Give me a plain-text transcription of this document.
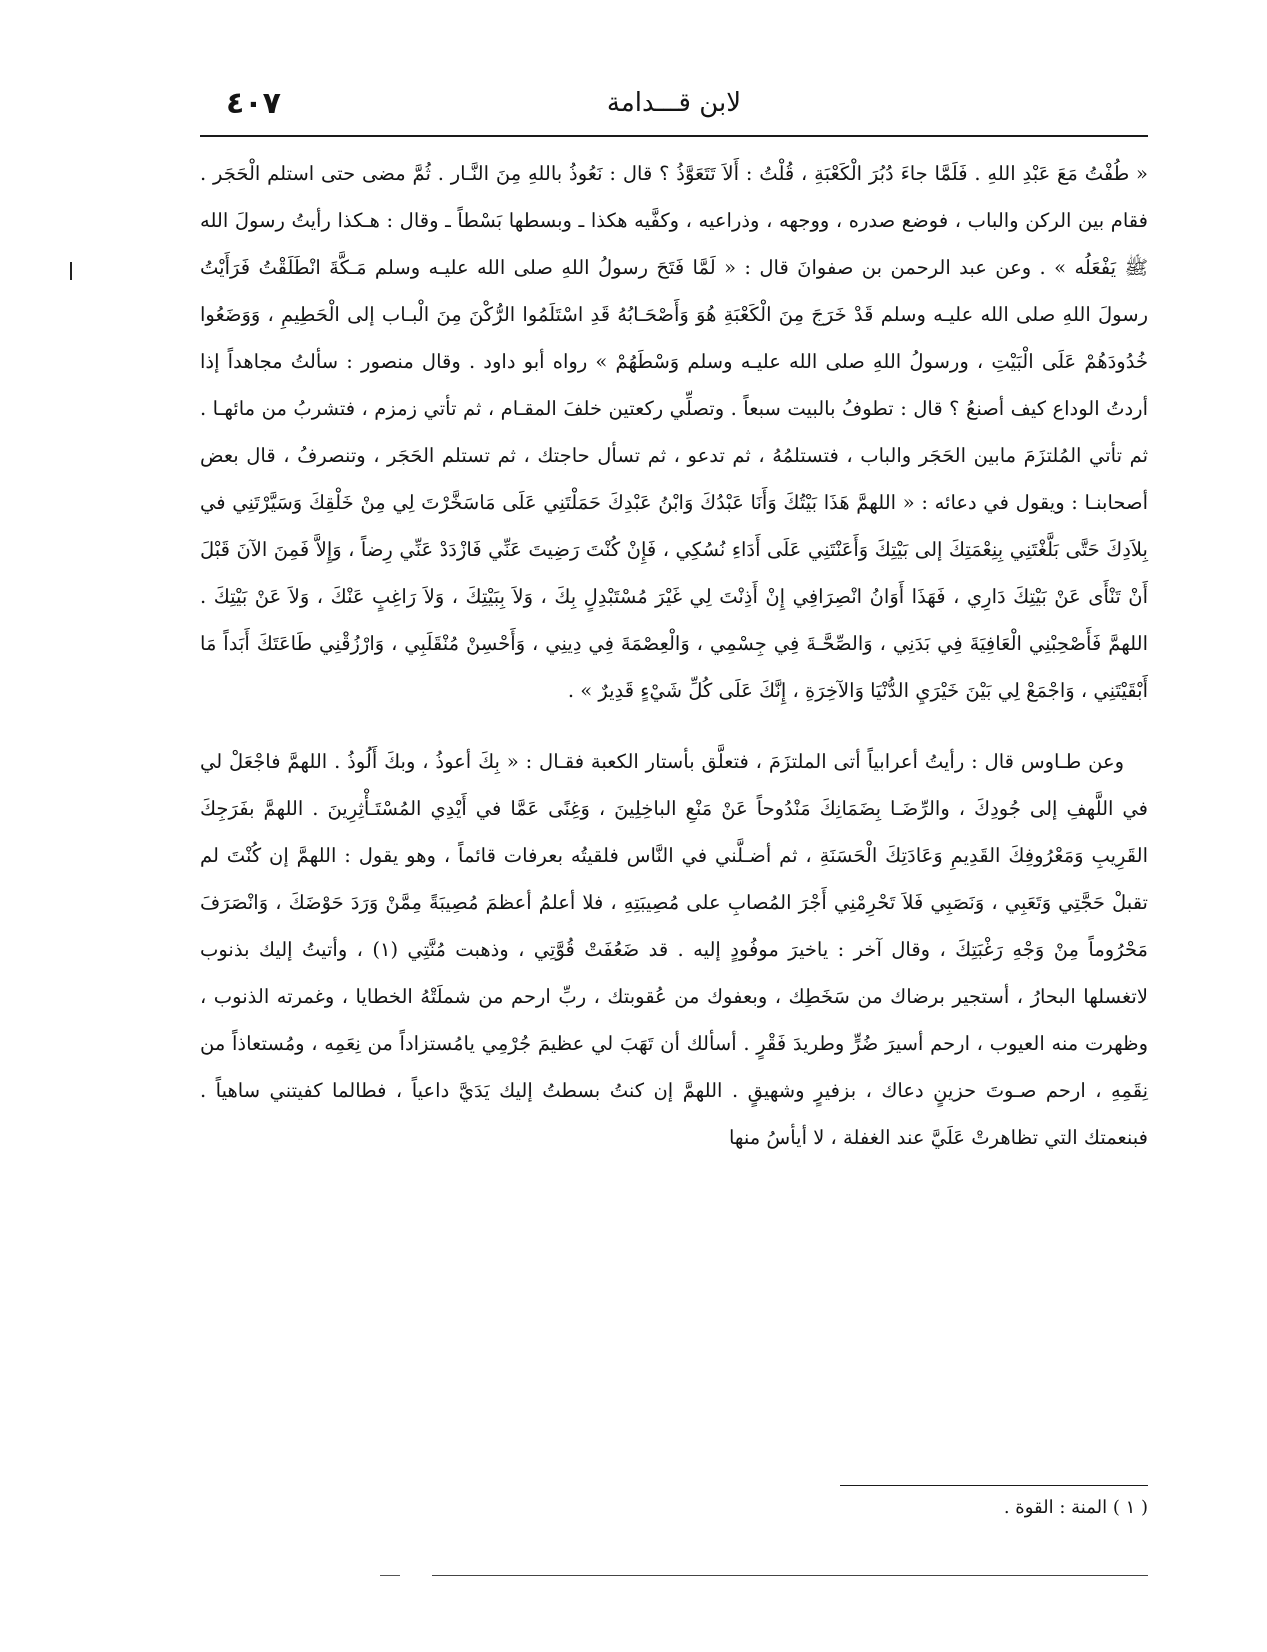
٤٠٧	لابن قـــدامة

« طُفْتُ مَعَ عَبْدِ اللهِ . فَلَمَّا جاءَ دُبُرَ الْكَعْبَةِ ، قُلْتُ : أَلاَ تَتَعَوَّذُ ؟ قال : نَعُوذُ باللهِ مِنَ النَّـار . ثُمَّ مضى حتى استلم الْحَجَر . فقام بين الركن والباب ، فوضع صدره ، ووجهه ، وذراعيه ، وكفَّيه هكذا ـ وبسطها بَسْطاً ـ وقال : هـكذا رأيتُ رسولَ الله ﷺ يَفْعَلُه » . وعن عبد الرحمن بن صفوانَ قال : « لَمَّا فَتَحَ رسولُ اللهِ صلى الله عليـه وسلم مَـكَّةَ انْطَلَقْتُ فَرَأَيْتُ رسولَ اللهِ صلى الله عليـه وسلم قَدْ خَرَجَ مِنَ الْكَعْبَةِ هُوَ وَأَصْحَـابُهُ قَدِ اسْتَلَمُوا الرُّكْنَ مِنَ الْبـاب إلى الْحَطِيمِ ، وَوَضَعُوا خُدُودَهُمْ عَلَى الْبَيْتِ ، ورسولُ اللهِ صلى الله عليـه وسلم وَسْطَهُمْ » رواه أبو داود . وقال منصور : سألتُ مجاهداً إذا أردتُ الوداع كيف أصنعُ ؟ قال : تطوفُ بالبيت سبعاً . وتصلِّي ركعتين خلفَ المقـام ، ثم تأتي زمزم ، فتشربُ من مائهـا . ثم تأتي المُلتزَمَ مابين الحَجَر والباب ، فتستلمُهُ ، ثم تدعو ، ثم تسأل حاجتك ، ثم تستلم الحَجَر ، وتنصرفُ ، قال بعض أصحابنـا : ويقول في دعائه : « اللهمَّ هَذَا بَيْتُكَ وَأَنَا عَبْدُكَ وَابْنُ عَبْدِكَ حَمَلْتَنِي عَلَى مَاسَخَّرْتَ لِي مِنْ خَلْقِكَ وَسَيَّرْتَنِي في بِلاَدِكَ حَتَّى بَلَّغْتَنِي بِنِعْمَتِكَ إلى بَيْتِكَ وَأَعَنْتَنِي عَلَى أَدَاءِ نُسُكِي ، فَإِنْ كُنْتَ رَضِيتَ عَنِّي فَازْدَدْ عَنِّي رِضاً ، وَإِلاَّ فَمِنَ الآنَ قَبْلَ أَنْ تَنْأَى عَنْ بَيْتِكَ دَارِي ، فَهَذَا أَوَانُ انْصِرَافِي إِنْ أَذِنْتَ لِي غَيْرَ مُسْتَبْدِلٍ بِكَ ، وَلاَ بِبَيْتِكَ ، وَلاَ رَاغِبٍ عَنْكَ ، وَلاَ عَنْ بَيْتِكَ . اللهمَّ فَأَصْحِبْنِي الْعَافِيَةَ فِي بَدَنِي ، وَالصِّحَّـةَ فِي جِسْمِي ، وَالْعِصْمَةَ فِي دِينِي ، وَأَحْسِنْ مُنْقَلَبِي ، وَارْزُقْنِي طَاعَتَكَ أَبَداً مَا أَبْقَيْتَنِي ، وَاجْمَعْ لِي بَيْنَ خَيْرَيِ الدُّنْيَا وَالآخِرَةِ ، إِنَّكَ عَلَى كُلِّ شَيْءٍ قَدِيرٌ » .

وعن طـاوس قال : رأيتُ أعرابياً أتى الملتزَمَ ، فتعلَّق بأستار الكعبة فقـال : « بِكَ أعوذُ ، وبكَ أَلُوذُ . اللهمَّ فاجْعَلْ لي في اللَّهفِ إلى جُودِكَ ، والرِّضَـا بِضَمَانِكَ مَنْدُوحاً عَنْ مَنْعِ الباخِلِينَ ، وَغِنًى عَمَّا في أَيْدِي المُسْتَـأْثِرِينَ . اللهمَّ بفَرَجِكَ القَرِيبِ وَمَعْرُوفِكَ القَدِيمِ وَعَادَتِكَ الْحَسَنَةِ ، ثم أضـلَّني في النَّاس فلقيتُه بعرفات قائماً ، وهو يقول : اللهمَّ إن كُنْتَ لم تقبلْ حَجَّتِي وَتَعَبِي ، وَنَصَبِي فَلاَ تَحْرِمْنِي أَجْرَ المُصابِ على مُصِيبَتِهِ ، فلا أعلمُ أعظمَ مُصِيبَةً مِمَّنْ وَرَدَ حَوْضَكَ ، وَانْصَرَفَ مَحْرُوماً مِنْ وَجْهِ رَغْبَتِكَ ، وقال آخر : ياخيرَ موفُودٍ إليه . قد ضَعُفَتْ قُوَّتِي ، وذهبت مُنَّتِي (١) ، وأتيتُ إليك بذنوب لاتغسلها البحارُ ، أستجير برضاك من سَخَطِك ، وبعفوك من عُقوبتك ، ربِّ ارحم من شملَتْهُ الخطايا ، وغمرته الذنوب ، وظهرت منه العيوب ، ارحم أسيرَ ضُرٍّ وطريدَ فَقْرٍ . أسألك أن تَهَبَ لي عظيمَ جُرْمِي يامُستزاداً من نِعَمِه ، ومُستعاذاً من نِقَمِهِ ، ارحم صـوتَ حزينٍ دعاك ، بزفيرٍ وشهيقٍ . اللهمَّ إن كنتُ بسطتُ إليك يَدَيَّ داعياً ، فطالما كفيتني ساهياً . فبنعمتك التي تظاهرتْ عَلَيَّ عند الغفلة ، لا أيأسُ منها

( ١ ) المنة : القوة .
